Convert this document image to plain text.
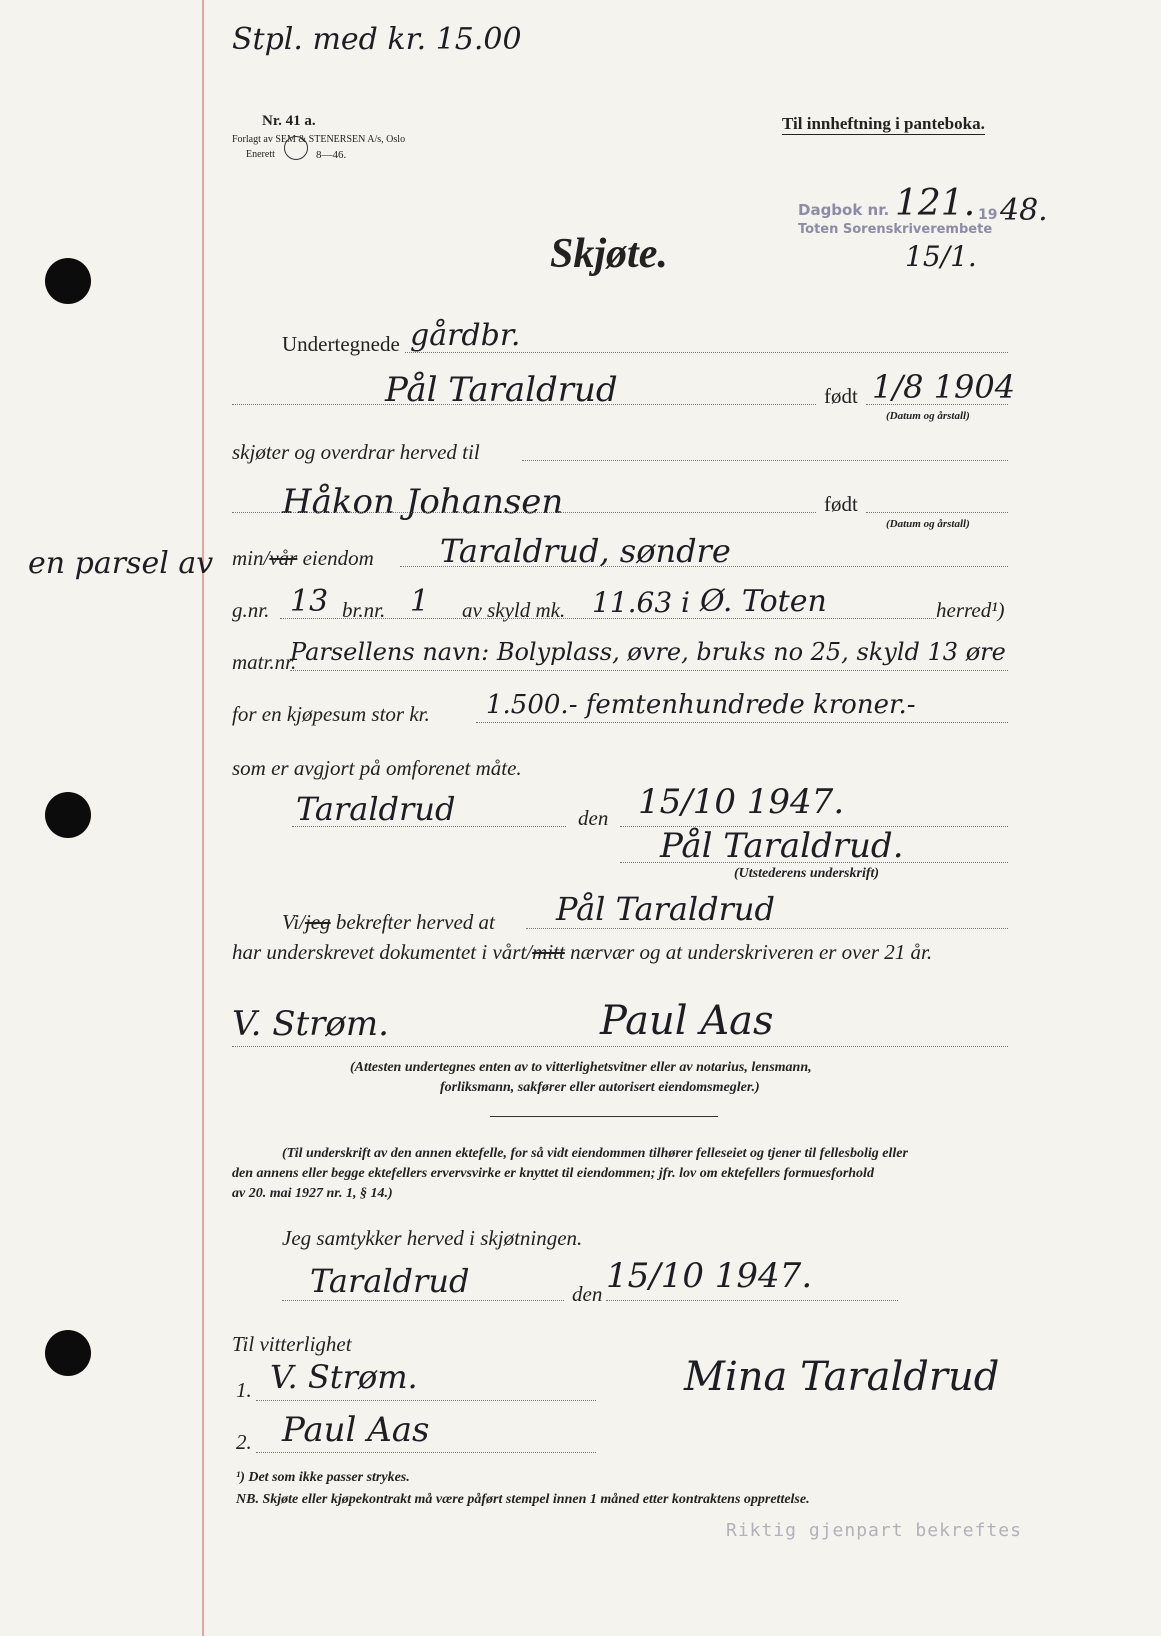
Stpl. med kr. 15.00
Nr. 41 a.
Forlagt av SEM & STENERSEN A/s, Oslo
Enerett	8—46.
Til innheftning i panteboka.
Dagbok nr. 121. 19 48.
Toten Sorenskriverembete
15/1.
Skjøte.
Undertegnede gårdbr.
Pål Taraldrud	født 1/8 1904
(Datum og årstall)
skjøter og overdrar herved til
Håkon Johansen	født
(Datum og årstall)
en parsel av min/vår eiendom Taraldrud, søndre
g.nr. 13 br.nr. 1 av skyld mk. 11.63 i Ø. Toten	herred¹)
matr.nr.
Parsellens navn: Bolyplass, øvre, bruks no 25, skyld 13 øre
for en kjøpesum stor kr. 1.500.- femtenhundrede kroner.-
som er avgjort på omforenet måte.
Taraldrud	den 15/10 1947.
Pål Taraldrud.
(Utstederens underskrift)
Vi/jeg bekrefter herved at Pål Taraldrud
har underskrevet dokumentet i vårt/mitt nærvær og at underskriveren er over 21 år.
V. Strøm.	Paul Aas
(Attesten undertegnes enten av to vitterlighetsvitner eller av notarius, lensmann,
forliksmann, sakfører eller autorisert eiendomsmegler.)
(Til underskrift av den annen ektefelle, for så vidt eiendommen tilhører felleseiet og tjener til fellesbolig eller
den annens eller begge ektefellers ervervsvirke er knyttet til eiendommen; jfr. lov om ektefellers formuesforhold
av 20. mai 1927 nr. 1, § 14.)
Jeg samtykker herved i skjøtningen.
Taraldrud	den 15/10 1947.
Til vitterlighet
1. V. Strøm.	Mina Taraldrud
2. Paul Aas
¹) Det som ikke passer strykes.
NB. Skjøte eller kjøpekontrakt må være påført stempel innen 1 måned etter kontraktens opprettelse.
Riktig gjenpart bekreftes
